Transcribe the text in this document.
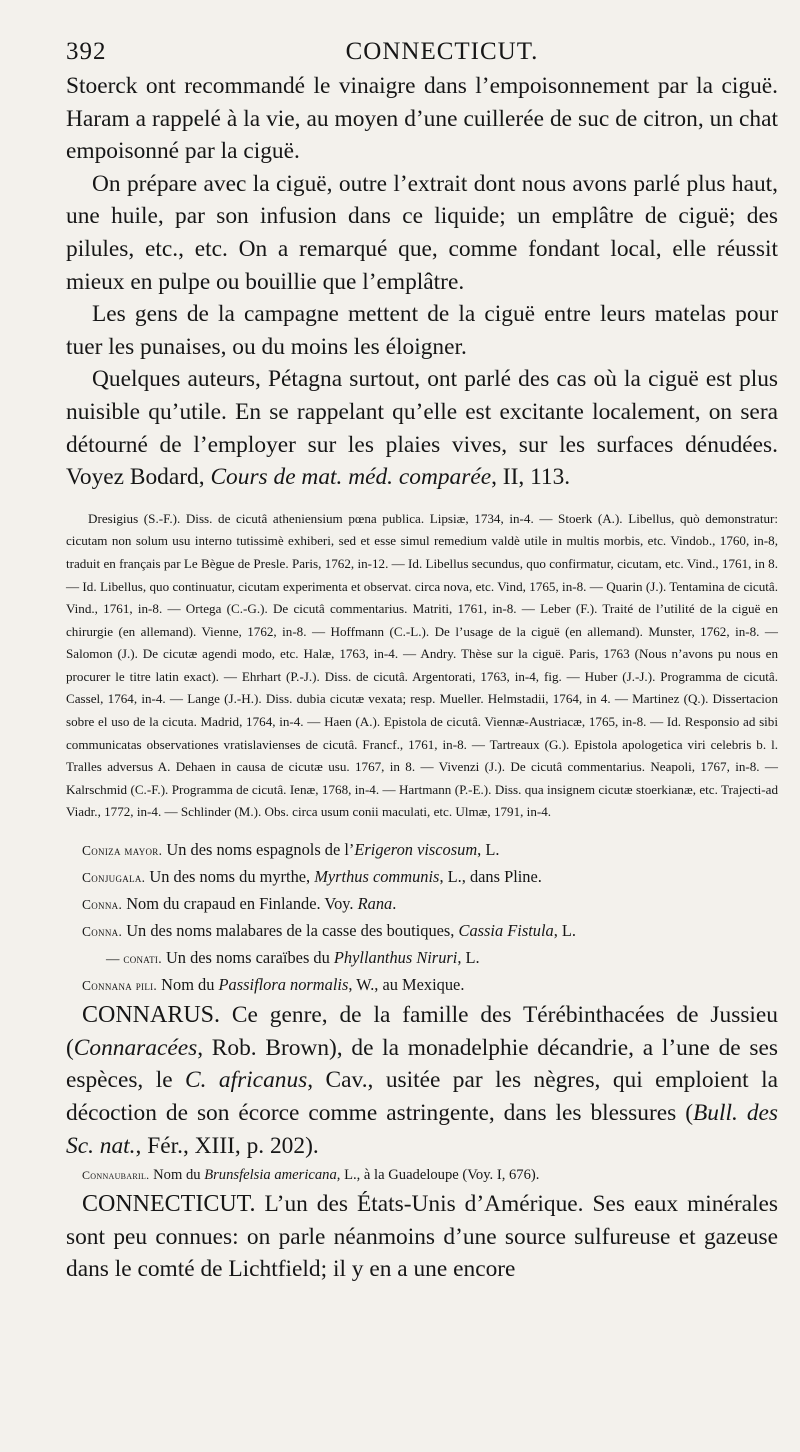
392	CONNECTICUT.

Stoerck ont recommandé le vinaigre dans l’empoisonnement par la ciguë. Haram a rappelé à la vie, au moyen d’une cuillerée de suc de citron, un chat empoisonné par la ciguë.

On prépare avec la ciguë, outre l’extrait dont nous avons parlé plus haut, une huile, par son infusion dans ce liquide; un emplâtre de ciguë; des pilules, etc., etc. On a remarqué que, comme fondant local, elle réussit mieux en pulpe ou bouillie que l’emplâtre.

Les gens de la campagne mettent de la ciguë entre leurs matelas pour tuer les punaises, ou du moins les éloigner.

Quelques auteurs, Pétagna surtout, ont parlé des cas où la ciguë est plus nuisible qu’utile. En se rappelant qu’elle est excitante localement, on sera détourné de l’employer sur les plaies vives, sur les surfaces dénudées. Voyez Bodard, Cours de mat. méd. comparée, II, 113.

Dresigius (S.-F.). Diss. de cicutâ atheniensium pœna publica. Lipsiæ, 1734, in-4. — Stoerk (A.). Libellus, quò demonstratur: cicutam non solum usu interno tutissimè exhiberi, sed et esse simul remedium valdè utile in multis morbis, etc. Vindob., 1760, in-8, traduit en français par Le Bègue de Presle. Paris, 1762, in-12. — Id. Libellus secundus, quo confirmatur, cicutam, etc. Vind., 1761, in 8. — Id. Libellus, quo continuatur, cicutam experimenta et observat. circa nova, etc. Vind, 1765, in-8. — Quarin (J.). Tentamina de cicutâ. Vind., 1761, in-8. — Ortega (C.-G.). De cicutâ commentarius. Matriti, 1761, in-8. — Leber (F.). Traité de l’utilité de la ciguë en chirurgie (en allemand). Vienne, 1762, in-8. — Hoffmann (C.-L.). De l’usage de la ciguë (en allemand). Munster, 1762, in-8. — Salomon (J.). De cicutæ agendi modo, etc. Halæ, 1763, in-4. — Andry. Thèse sur la ciguë. Paris, 1763 (Nous n’avons pu nous en procurer le titre latin exact). — Ehrhart (P.-J.). Diss. de cicutâ. Argentorati, 1763, in-4, fig. — Huber (J.-J.). Programma de cicutâ. Cassel, 1764, in-4. — Lange (J.-H.). Diss. dubia cicutæ vexata; resp. Mueller. Helmstadii, 1764, in 4. — Martinez (Q.). Dissertacion sobre el uso de la cicuta. Madrid, 1764, in-4. — Haen (A.). Epistola de cicutâ. Viennæ-Austriacæ, 1765, in-8. — Id. Responsio ad sibi communicatas observationes vratislavienses de cicutâ. Francf., 1761, in-8. — Tartreaux (G.). Epistola apologetica viri celebris b. l. Tralles adversus A. Dehaen in causa de cicutæ usu. 1767, in 8. — Vivenzi (J.). De cicutâ commentarius. Neapoli, 1767, in-8. — Kalrschmid (C.-F.). Programma de cicutâ. Ienæ, 1768, in-4. — Hartmann (P.-E.). Diss. qua insignem cicutæ stoerkianæ, etc. Trajecti-ad Viadr., 1772, in-4. — Schlinder (M.). Obs. circa usum conii maculati, etc. Ulmæ, 1791, in-4.

Coniza mayor. Un des noms espagnols de l’Erigeron viscosum, L.

Conjugala. Un des noms du myrthe, Myrthus communis, L., dans Pline.

Conna. Nom du crapaud en Finlande. Voy. Rana.

Conna. Un des noms malabares de la casse des boutiques, Cassia Fistula, L.

— conati. Un des noms caraïbes du Phyllanthus Niruri, L.

Connana pili. Nom du Passiflora normalis, W., au Mexique.

CONNARUS. Ce genre, de la famille des Térébinthacées de Jussieu (Connaracées, Rob. Brown), de la monadelphie décandrie, a l’une de ses espèces, le C. africanus, Cav., usitée par les nègres, qui emploient la décoction de son écorce comme astringente, dans les blessures (Bull. des Sc. nat., Fér., XIII, p. 202).

Connaubaril. Nom du Brunsfelsia americana, L., à la Guadeloupe (Voy. I, 676).

CONNECTICUT. L’un des États-Unis d’Amérique. Ses eaux minérales sont peu connues: on parle néanmoins d’une source sulfureuse et gazeuse dans le comté de Lichtfield; il y en a une encore
